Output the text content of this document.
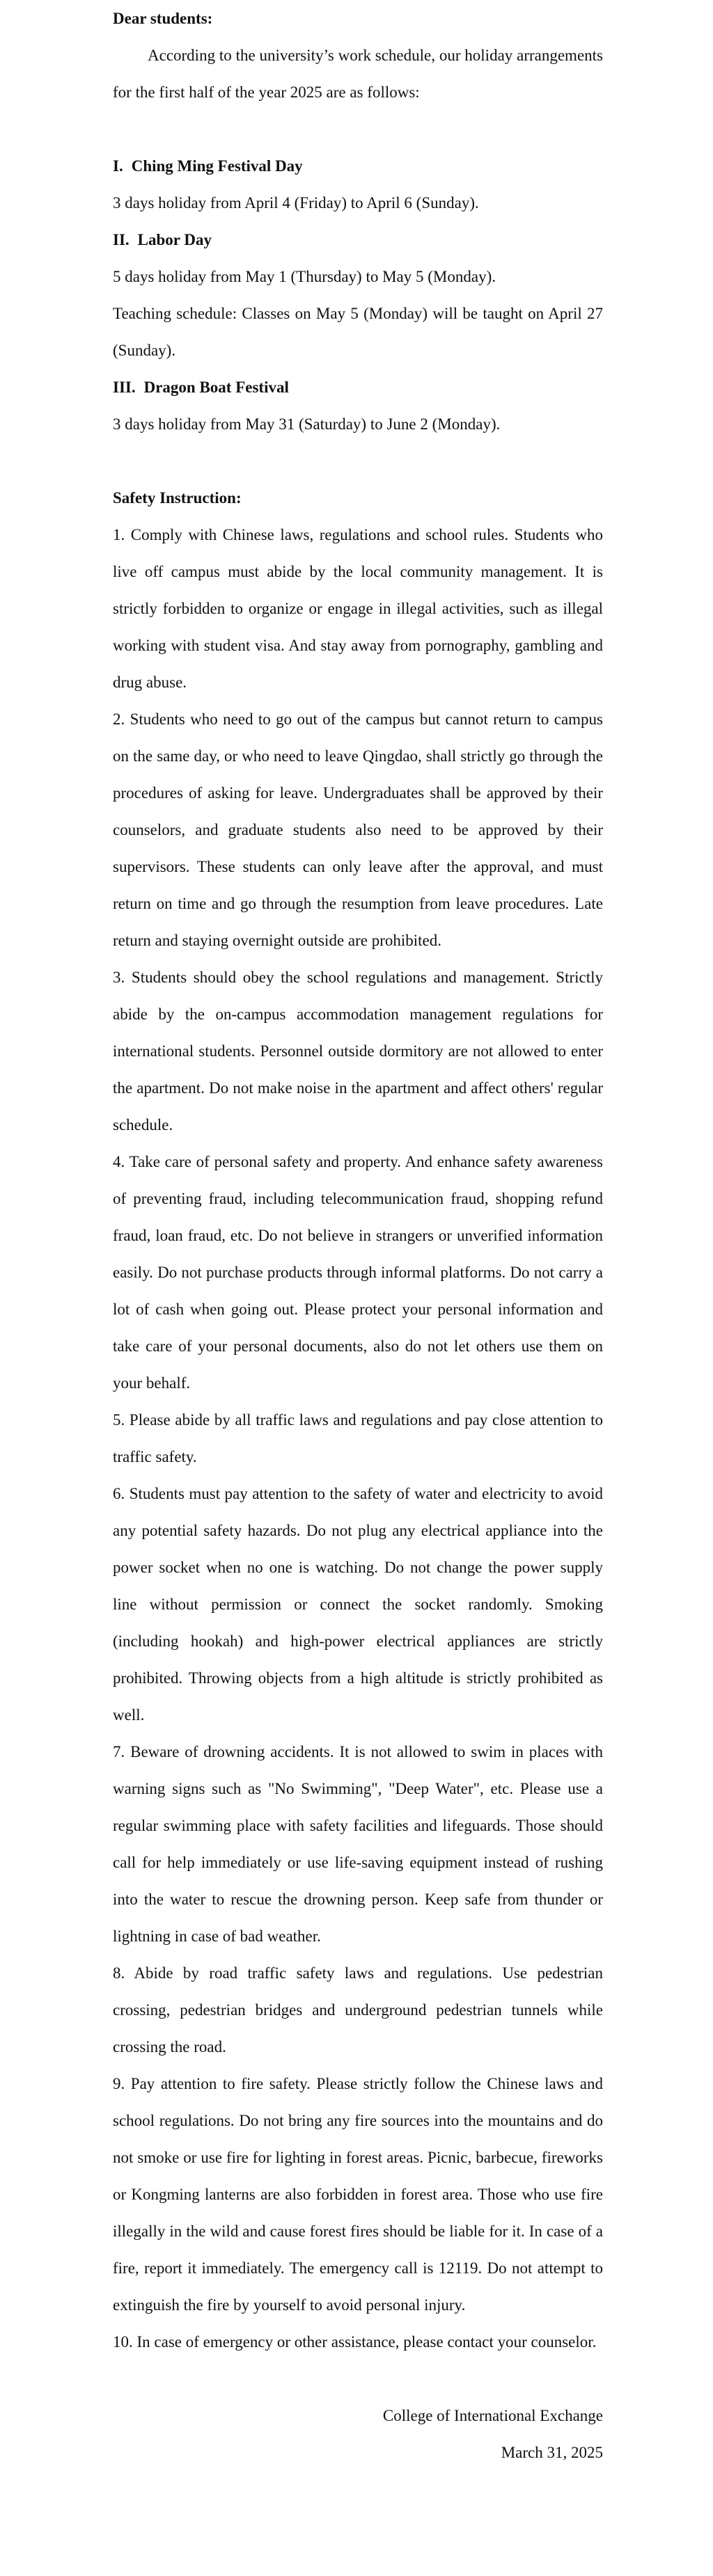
Dear students:

According to the university’s work schedule, our holiday arrangements for the first half of the year 2025 are as follows:

I. Ching Ming Festival Day

3 days holiday from April 4 (Friday) to April 6 (Sunday).

II. Labor Day

5 days holiday from May 1 (Thursday) to May 5 (Monday).

Teaching schedule: Classes on May 5 (Monday) will be taught on April 27 (Sunday).

III. Dragon Boat Festival

3 days holiday from May 31 (Saturday) to June 2 (Monday).

Safety Instruction:

1. Comply with Chinese laws, regulations and school rules. Students who live off campus must abide by the local community management. It is strictly forbidden to organize or engage in illegal activities, such as illegal working with student visa. And stay away from pornography, gambling and drug abuse.

2. Students who need to go out of the campus but cannot return to campus on the same day, or who need to leave Qingdao, shall strictly go through the procedures of asking for leave. Undergraduates shall be approved by their counselors, and graduate students also need to be approved by their supervisors. These students can only leave after the approval, and must return on time and go through the resumption from leave procedures. Late return and staying overnight outside are prohibited.

3. Students should obey the school regulations and management. Strictly abide by the on-campus accommodation management regulations for international students. Personnel outside dormitory are not allowed to enter the apartment. Do not make noise in the apartment and affect others' regular schedule.

4. Take care of personal safety and property. And enhance safety awareness of preventing fraud, including telecommunication fraud, shopping refund fraud, loan fraud, etc. Do not believe in strangers or unverified information easily. Do not purchase products through informal platforms. Do not carry a lot of cash when going out. Please protect your personal information and take care of your personal documents, also do not let others use them on your behalf.

5. Please abide by all traffic laws and regulations and pay close attention to traffic safety.

6. Students must pay attention to the safety of water and electricity to avoid any potential safety hazards. Do not plug any electrical appliance into the power socket when no one is watching. Do not change the power supply line without permission or connect the socket randomly. Smoking (including hookah) and high-power electrical appliances are strictly prohibited. Throwing objects from a high altitude is strictly prohibited as well.

7. Beware of drowning accidents. It is not allowed to swim in places with warning signs such as "No Swimming", "Deep Water", etc. Please use a regular swimming place with safety facilities and lifeguards. Those should call for help immediately or use life-saving equipment instead of rushing into the water to rescue the drowning person. Keep safe from thunder or lightning in case of bad weather.

8. Abide by road traffic safety laws and regulations. Use pedestrian crossing, pedestrian bridges and underground pedestrian tunnels while crossing the road.

9. Pay attention to fire safety. Please strictly follow the Chinese laws and school regulations. Do not bring any fire sources into the mountains and do not smoke or use fire for lighting in forest areas. Picnic, barbecue, fireworks or Kongming lanterns are also forbidden in forest area. Those who use fire illegally in the wild and cause forest fires should be liable for it. In case of a fire, report it immediately. The emergency call is 12119. Do not attempt to extinguish the fire by yourself to avoid personal injury.

10. In case of emergency or other assistance, please contact your counselor.

College of International Exchange

March 31, 2025
